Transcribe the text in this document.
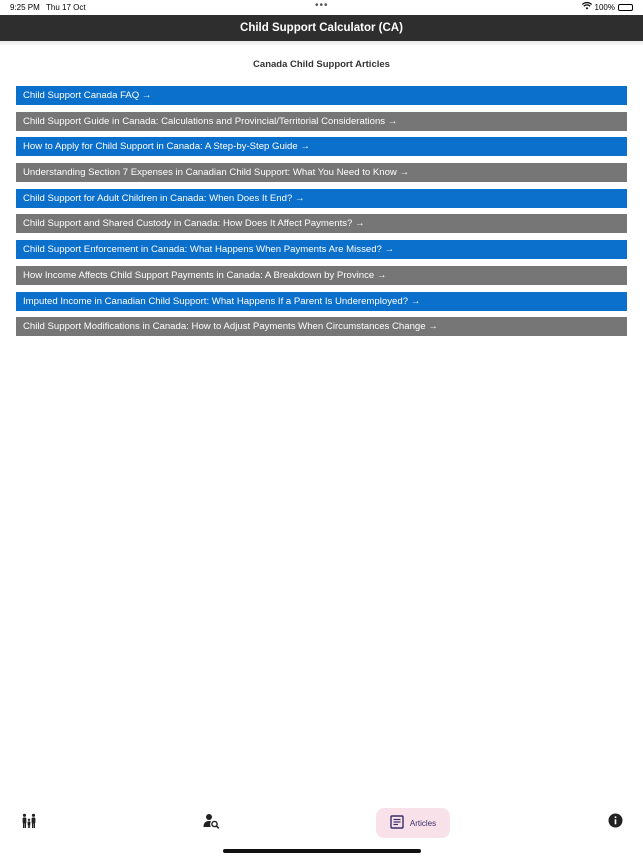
9:25 PM Thu 17 Oct	•••	100%
Child Support Calculator (CA)
Canada Child Support Articles
Child Support Canada FAQ →
Child Support Guide in Canada: Calculations and Provincial/Territorial Considerations →
How to Apply for Child Support in Canada: A Step-by-Step Guide →
Understanding Section 7 Expenses in Canadian Child Support: What You Need to Know →
Child Support for Adult Children in Canada: When Does It End? →
Child Support and Shared Custody in Canada: How Does It Affect Payments? →
Child Support Enforcement in Canada: What Happens When Payments Are Missed? →
How Income Affects Child Support Payments in Canada: A Breakdown by Province →
Imputed Income in Canadian Child Support: What Happens If a Parent Is Underemployed? →
Child Support Modifications in Canada: How to Adjust Payments When Circumstances Change →
Articles
